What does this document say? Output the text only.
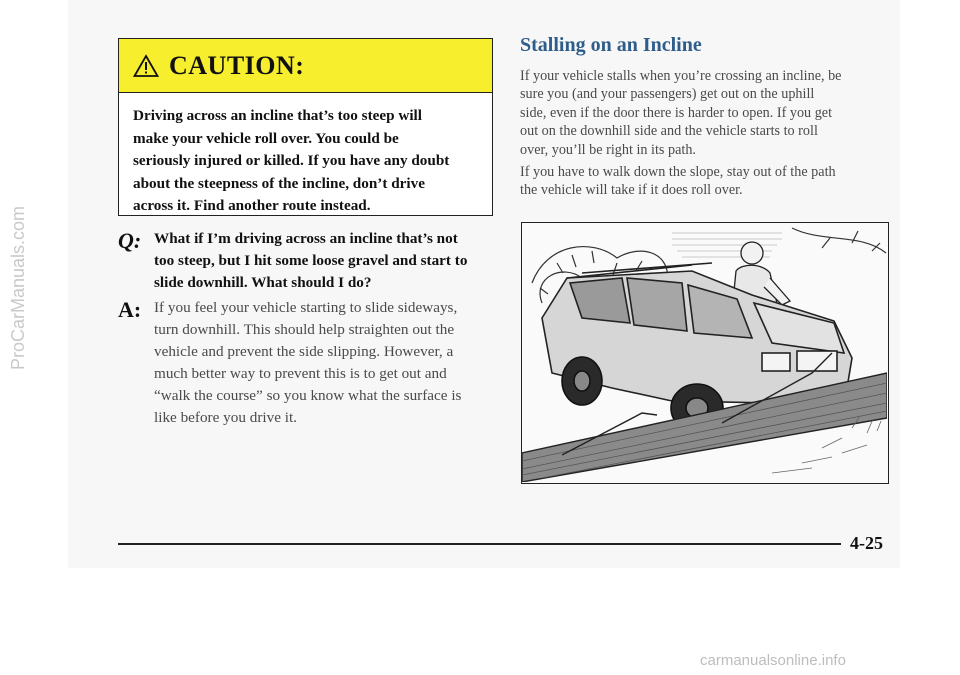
ProCarManuals.com
CAUTION:
Driving across an incline that’s too steep will
make your vehicle roll over. You could be
seriously injured or killed. If you have any doubt
about the steepness of the incline, don’t drive
across it. Find another route instead.
Q: What if I’m driving across an incline that’s not
too steep, but I hit some loose gravel and start to
slide downhill. What should I do?
A: If you feel your vehicle starting to slide sideways,
turn downhill. This should help straighten out the
vehicle and prevent the side slipping. However, a
much better way to prevent this is to get out and
“walk the course” so you know what the surface is
like before you drive it.
Stalling on an Incline
If your vehicle stalls when you’re crossing an incline, be
sure you (and your passengers) get out on the uphill
side, even if the door there is harder to open. If you get
out on the downhill side and the vehicle starts to roll
over, you’ll be right in its path.
If you have to walk down the slope, stay out of the path
the vehicle will take if it does roll over.
4-25
carmanualsonline.info
